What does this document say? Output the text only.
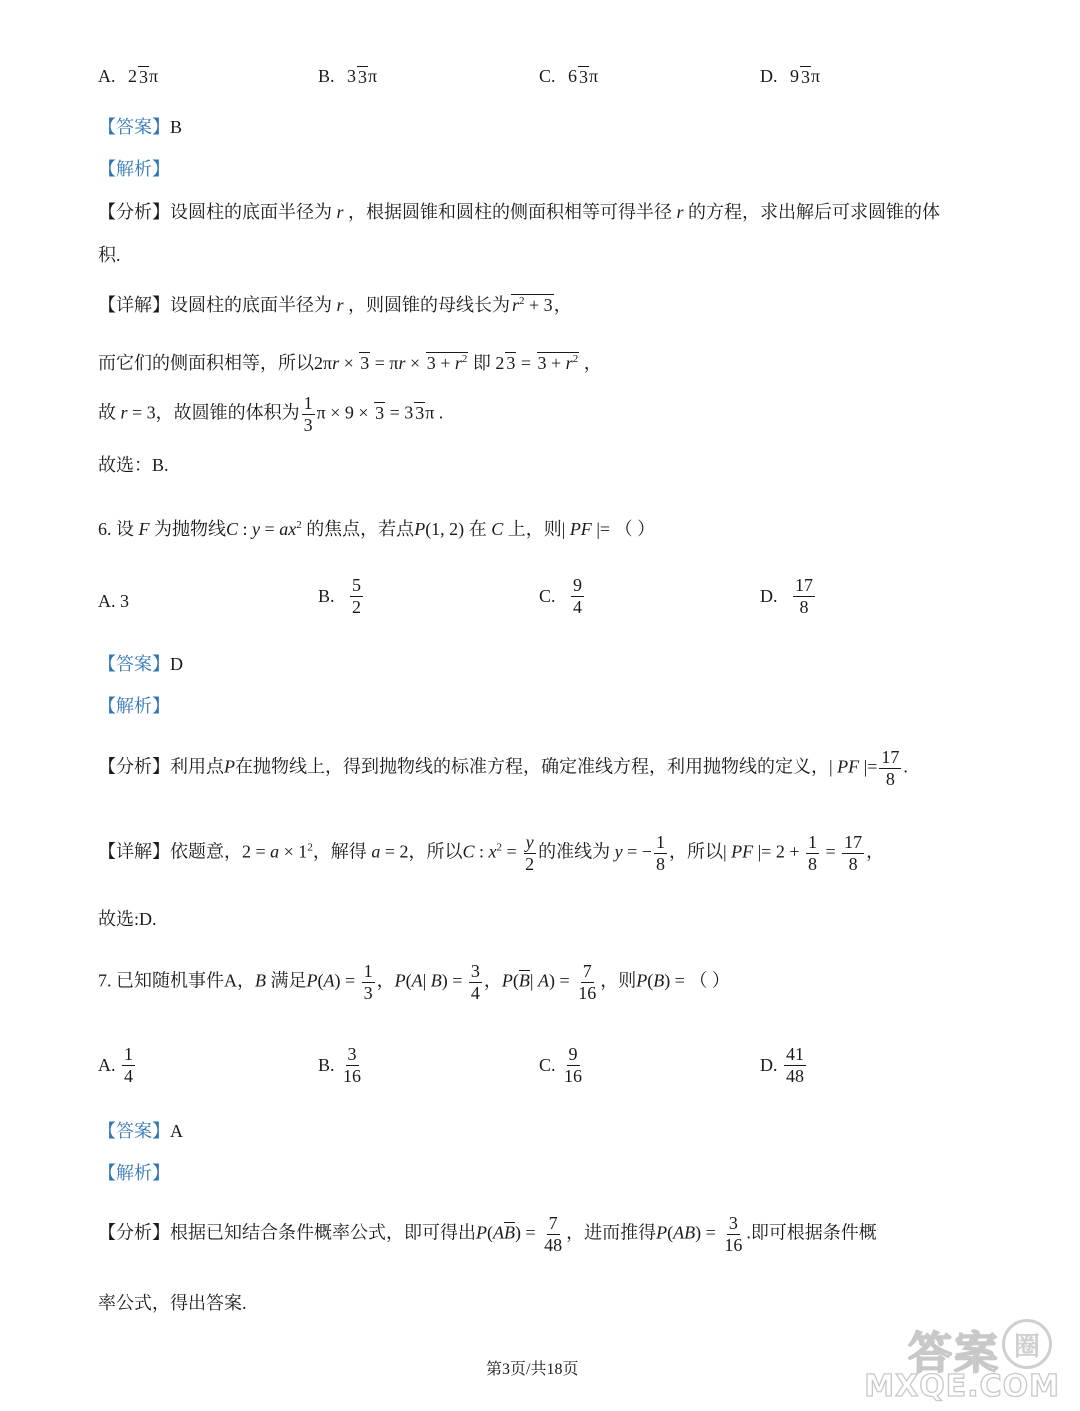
A.
2 3 π	B.
3 3 π	C.
6 3 π	D.
9 3 π
【答案】B
【解析】
【分析】设圆柱的底面半径为 r ，根据圆锥和圆柱的侧面积相等可得半径 r 的方程，求出解后可求圆锥的体
积.
【详解】设圆柱的底面半径为 r ，则圆锥的母线长为 $r^2 + 3$，
而它们的侧面积相等，所以$2\pi r \times 3 = \pi r \times 3 + r^2$ 即 2 $3 = 3 + r^2$ ，
故 r = 3，故圆锥的体积为 $\frac{1}{3}$ π × 9 × 3 = 3 3π .
故选：B.
6. 设 F 为抛物线C : $y = ax^2$ 的焦点，若点P(1, 2) 在 C 上，则| PF |= （ ）
A.
3	B.
$\frac{5}{2}$	C.
$\frac{9}{4}$	D.
$\frac{17}{8}$
【答案】D
【解析】
【分析】利用点P在抛物线上，得到抛物线的标准方程，确定准线方程，利用抛物线的定义，| PF |= $\frac{17}{8}$ .
【详解】依题意，$2 = a \times 1^2$，解得 a = 2，所以C : $x^2 = \frac{y}{2}$ 的准线为 y = − $\frac{1}{8}$ ，所以| PF |= $2 + \frac{1}{8} = \frac{17}{8}$ ，
故选:D.
7. 已知随机事件A，B 满足$P(A) = \frac{1}{3}$ ，P(A| $B) = \frac{3}{4}$ ，$P(\overline{B}|$ $A) = \frac{7}{16}$ ，则P(B) = （ ）
A.
$\frac{1}{4}$	B.
$\frac{3}{16}$	C.
$\frac{9}{16}$	D.
$\frac{41}{48}$
【答案】A
【解析】
【分析】根据已知结合条件概率公式，即可得出$P(A\overline{B}) = \frac{7}{48}$ ，进而推得$P(AB) = \frac{3}{16}$ .即可根据条件概
率公式，得出答案.
第3页/共18页	答案 圈
MXQE.COM
